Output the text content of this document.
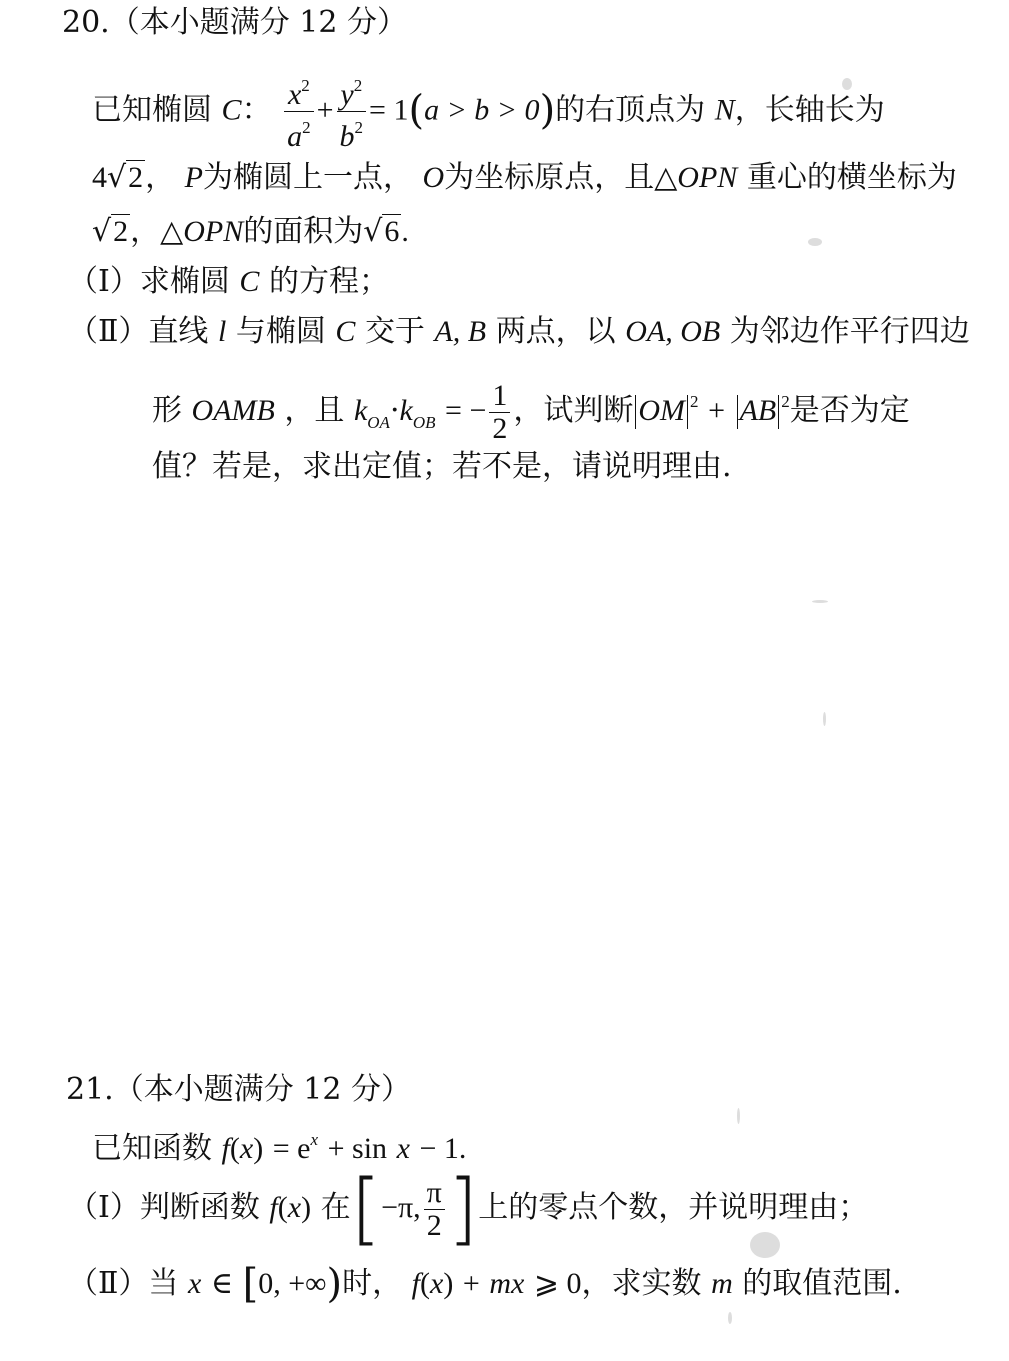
20.（本小题满分 12 分）
已知椭圆 C： $\frac{x^2}{a^2} + \frac{y^2}{b^2} = 1(a > b > 0)$的右顶点为 N，长轴长为
4√2， P为椭圆上一点， O为坐标原点，且△OPN 重心的横坐标为
√2，△OPN的面积为√6.
（Ⅰ）求椭圆 C 的方程；
（Ⅱ）直线 l 与椭圆 C 交于 A, B 两点，以 OA, OB 为邻边作平行四边
形 OAMB ，且 $k_{OA}\cdot k_{OB}$ = − $\frac{1}{2}$ ，试判断 OM $^2$ + AB $^2$是否为定
值？若是，求出定值；若不是，请说明理由.
21.（本小题满分 12 分）
已知函数 $f(x) = e^x + \sin x - 1$.
（Ⅰ）判断函数 f(x) 在[−π, $\frac{\pi}{2}$ ]上的零点个数，并说明理由；
（Ⅱ）当 x ∈ [0, +∞)时， f(x) + mx ⩾ 0，求实数 m 的取值范围.
